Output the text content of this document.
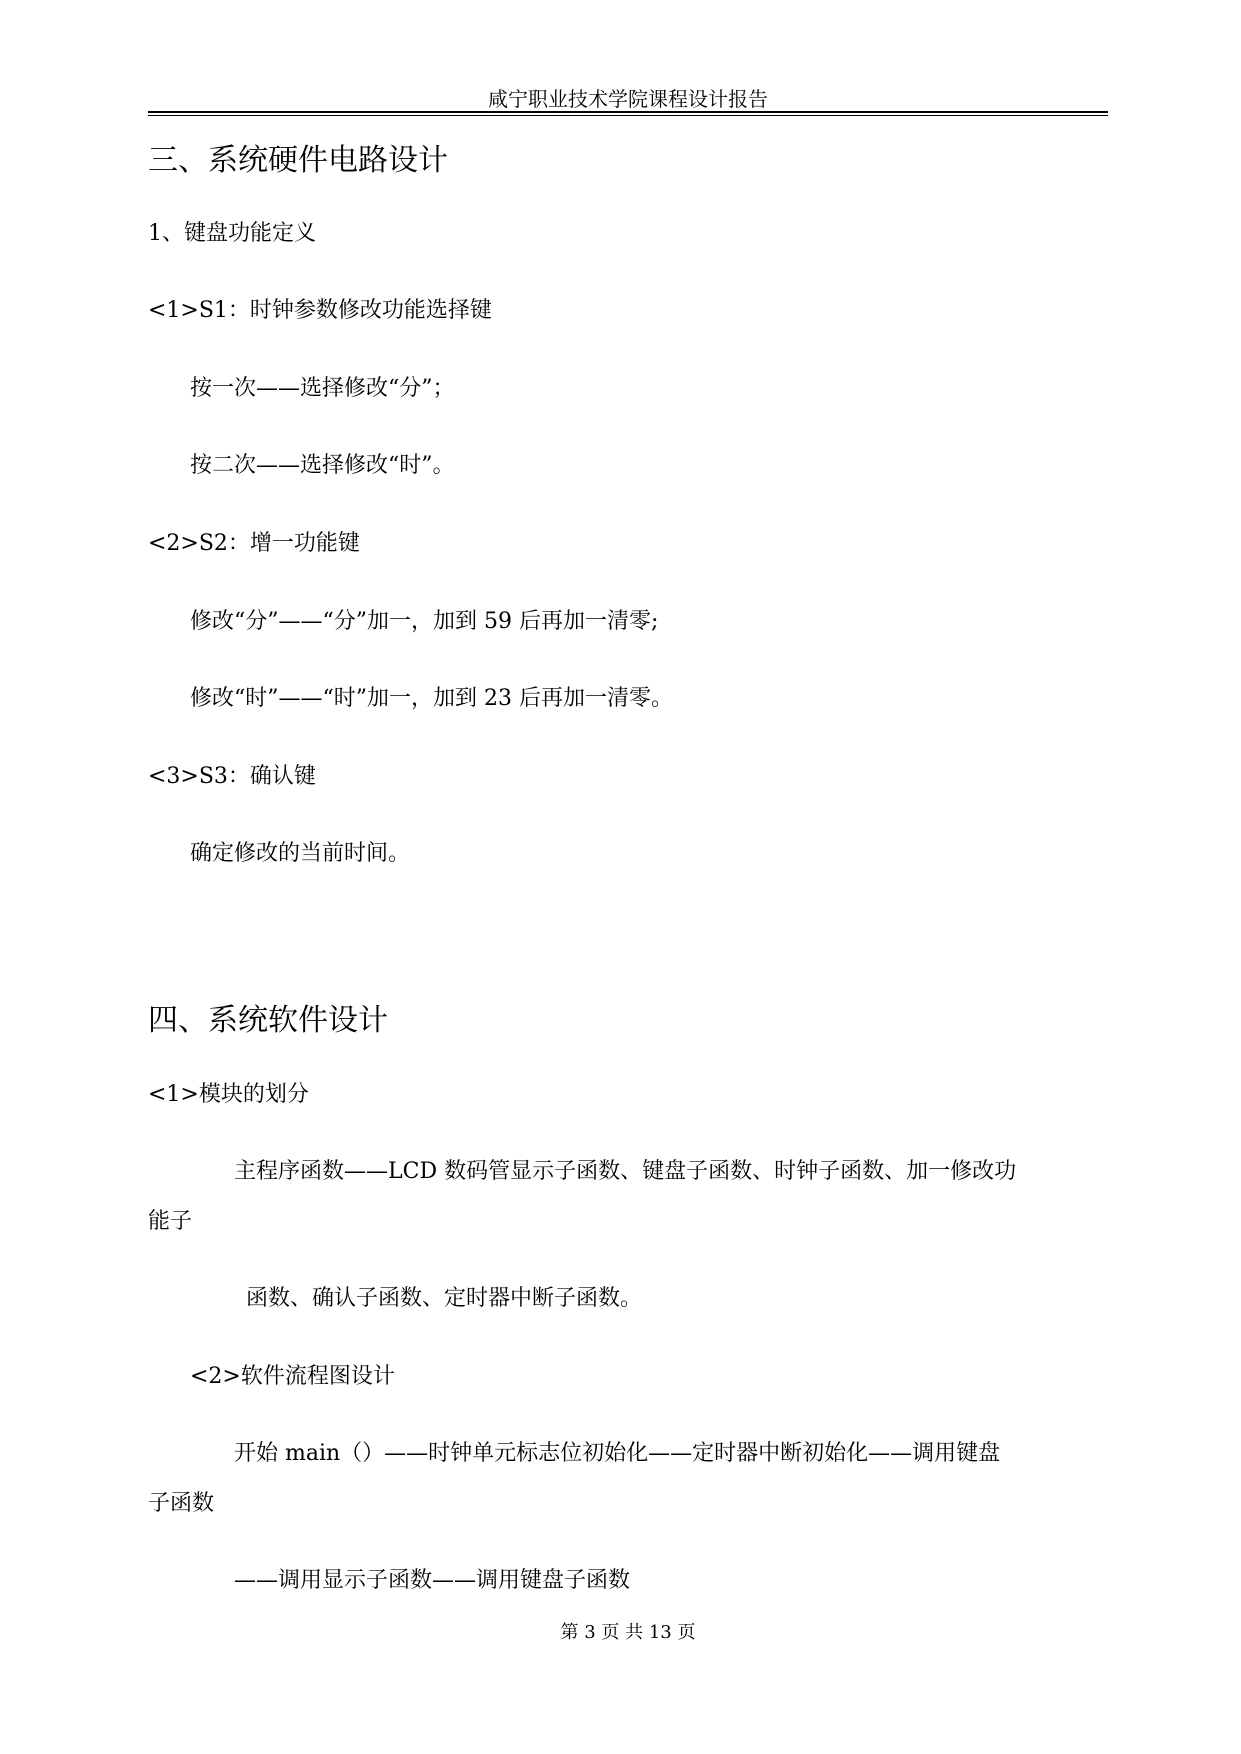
咸宁职业技术学院课程设计报告
三、系统硬件电路设计
1、键盘功能定义
<1>S1：时钟参数修改功能选择键
按一次——选择修改“分”；
按二次——选择修改“时”。
<2>S2：增一功能键
修改“分”——“分”加一，加到 59 后再加一清零;
修改“时”——“时”加一，加到 23 后再加一清零。
<3>S3：确认键
确定修改的当前时间。
四、系统软件设计
<1>模块的划分
主程序函数——LCD 数码管显示子函数、键盘子函数、时钟子函数、加一修改功
能子
函数、确认子函数、定时器中断子函数。
<2>软件流程图设计
开始 main（）——时钟单元标志位初始化——定时器中断初始化——调用键盘
子函数
——调用显示子函数——调用键盘子函数
第 3 页 共 13 页
